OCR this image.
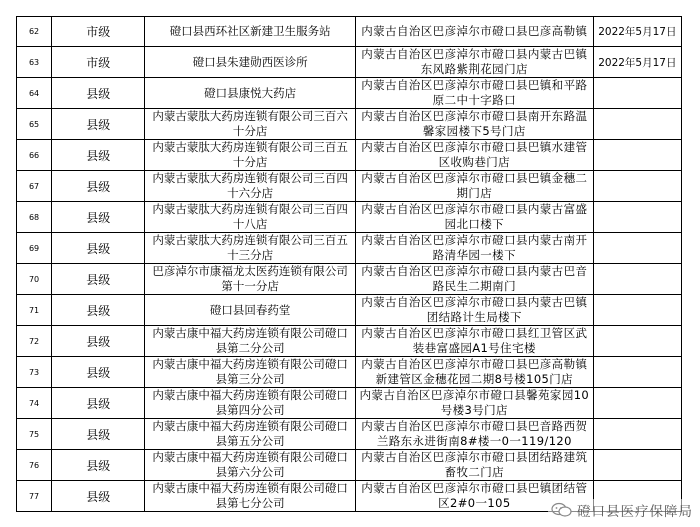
62	市级	磴口县西环社区新建卫生服务站	内蒙古自治区巴彦淖尔市磴口县巴彦高勒镇	2022年5月17日
63	市级	磴口县朱建勋西医诊所	内蒙古自治区巴彦淖尔市磴口县内蒙古巴镇东风路紫荆花园门店	2022年5月17日
64	县级	磴口县康悦大药店	内蒙古自治区巴彦淖尔市磴口县巴镇和平路原二中十字路口	
65	县级	内蒙古蒙肽大药房连锁有限公司三百六十分店	内蒙古自治区巴彦淖尔市磴口县南开东路温馨家园楼下5号门店	
66	县级	内蒙古蒙肽大药房连锁有限公司三百五十分店	内蒙古自治区巴彦淖尔市磴口县巴镇水建管区收购巷门店	
67	县级	内蒙古蒙肽大药房连锁有限公司三百四十六分店	内蒙古自治区巴彦淖尔市磴口县巴镇金穗二期门店	
68	县级	内蒙古蒙肽大药房连锁有限公司三百四十八店	内蒙古自治区巴彦淖尔市磴口县内蒙古富盛园北口楼下	
69	县级	内蒙古蒙肽大药房连锁有限公司三百五十三分店	内蒙古自治区巴彦淖尔市磴口县内蒙古南开路清华园一楼下	
70	县级	巴彦淖尔市康福龙太医药连锁有限公司第十一分店	内蒙古自治区巴彦淖尔市磴口县内蒙古巴音路民生二期南门	
71	县级	磴口县回春药堂	内蒙古自治区巴彦淖尔市磴口县内蒙古巴镇团结路计生局楼下	
72	县级	内蒙古康中福大药房连锁有限公司磴口县第二分公司	内蒙古自治区巴彦淖尔市磴口县红卫管区武装巷富盛园A1号住宅楼	
73	县级	内蒙古康中福大药房连锁有限公司磴口县第三分公司	内蒙古自治区巴彦淖尔市磴口县巴彦高勒镇新建管区金穗花园二期8号楼105门店	
74	县级	内蒙古康中福大药房连锁有限公司磴口县第四分公司	内蒙古自治区巴彦淖尔市磴口县馨苑家园10号楼3号门店	
75	县级	内蒙古康中福大药房连锁有限公司磴口县第五分公司	内蒙古自治区巴彦淖尔市磴口县巴音路西贺兰路东永进街南8#楼一0一119/120	
76	县级	内蒙古康中福大药房连锁有限公司磴口县第六分公司	内蒙古自治区巴彦淖尔市磴口县团结路建筑畜牧二门店	
77	县级	内蒙古康中福大药房连锁有限公司磴口县第七分公司	内蒙古自治区巴彦淖尔市磴口县巴镇团结管区2#0一105	
磴口县医疗保障局
